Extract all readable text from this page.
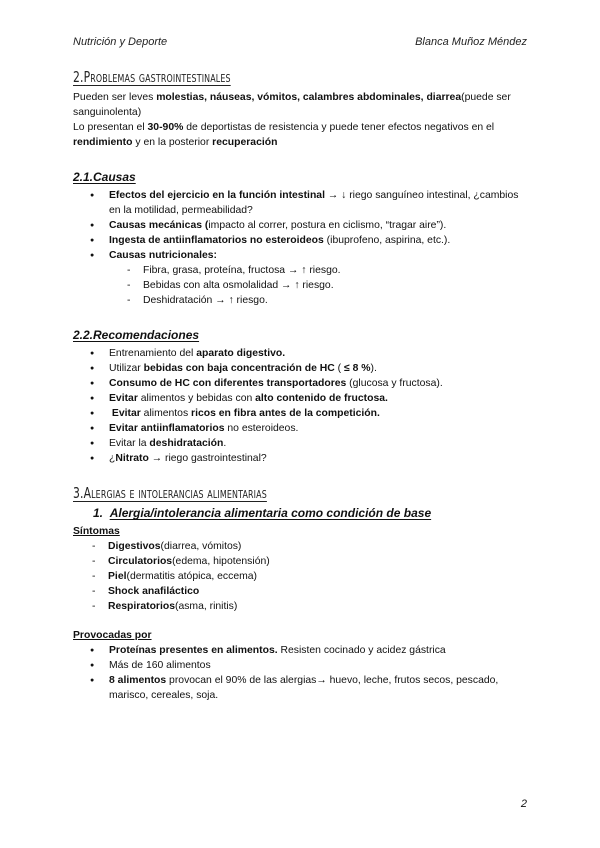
Nutrición y Deporte	Blanca Muñoz Méndez
2.Problemas gastrointestinales

Pueden ser leves molestias, náuseas, vómitos, calambres abdominales, diarrea(puede ser sanguinolenta)

Lo presentan el 30-90% de deportistas de resistencia y puede tener efectos negativos en el rendimiento y en la posterior recuperación

2.1.Causas
● Efectos del ejercicio en la función intestinal → ↓ riego sanguíneo intestinal, ¿cambios en la motilidad, permeabilidad?
● Causas mecánicas (impacto al correr, postura en ciclismo, “tragar aire”).
● Ingesta de antiinflamatorios no esteroideos (ibuprofeno, aspirina, etc.).
● Causas nutricionales:
- Fibra, grasa, proteína, fructosa → ↑ riesgo.
- Bebidas con alta osmolalidad → ↑ riesgo.
- Deshidratación → ↑ riesgo.
2.2.Recomendaciones
● Entrenamiento del aparato digestivo.
● Utilizar bebidas con baja concentración de HC ( ≤ 8 %).
● Consumo de HC con diferentes transportadores (glucosa y fructosa).
● Evitar alimentos y bebidas con alto contenido de fructosa.
● Evitar alimentos ricos en fibra antes de la competición.
● Evitar antiinflamatorios no esteroideos.
● Evitar la deshidratación.
● ¿Nitrato → riego gastrointestinal?
3.Alergias e intolerancias alimentarias
1. Alergia/intolerancia alimentaria como condición de base

Síntomas

- Digestivos(diarrea, vómitos)
- Circulatorios(edema, hipotensión)
- Piel(dermatitis atópica, eccema)
- Shock anafiláctico
- Respiratorios(asma, rinitis)

Provocadas por

● Proteínas presentes en alimentos. Resisten cocinado y acidez gástrica
● Más de 160 alimentos
● 8 alimentos provocan el 90% de las alergias→ huevo, leche, frutos secos, pescado, marisco, cereales, soja.
2
